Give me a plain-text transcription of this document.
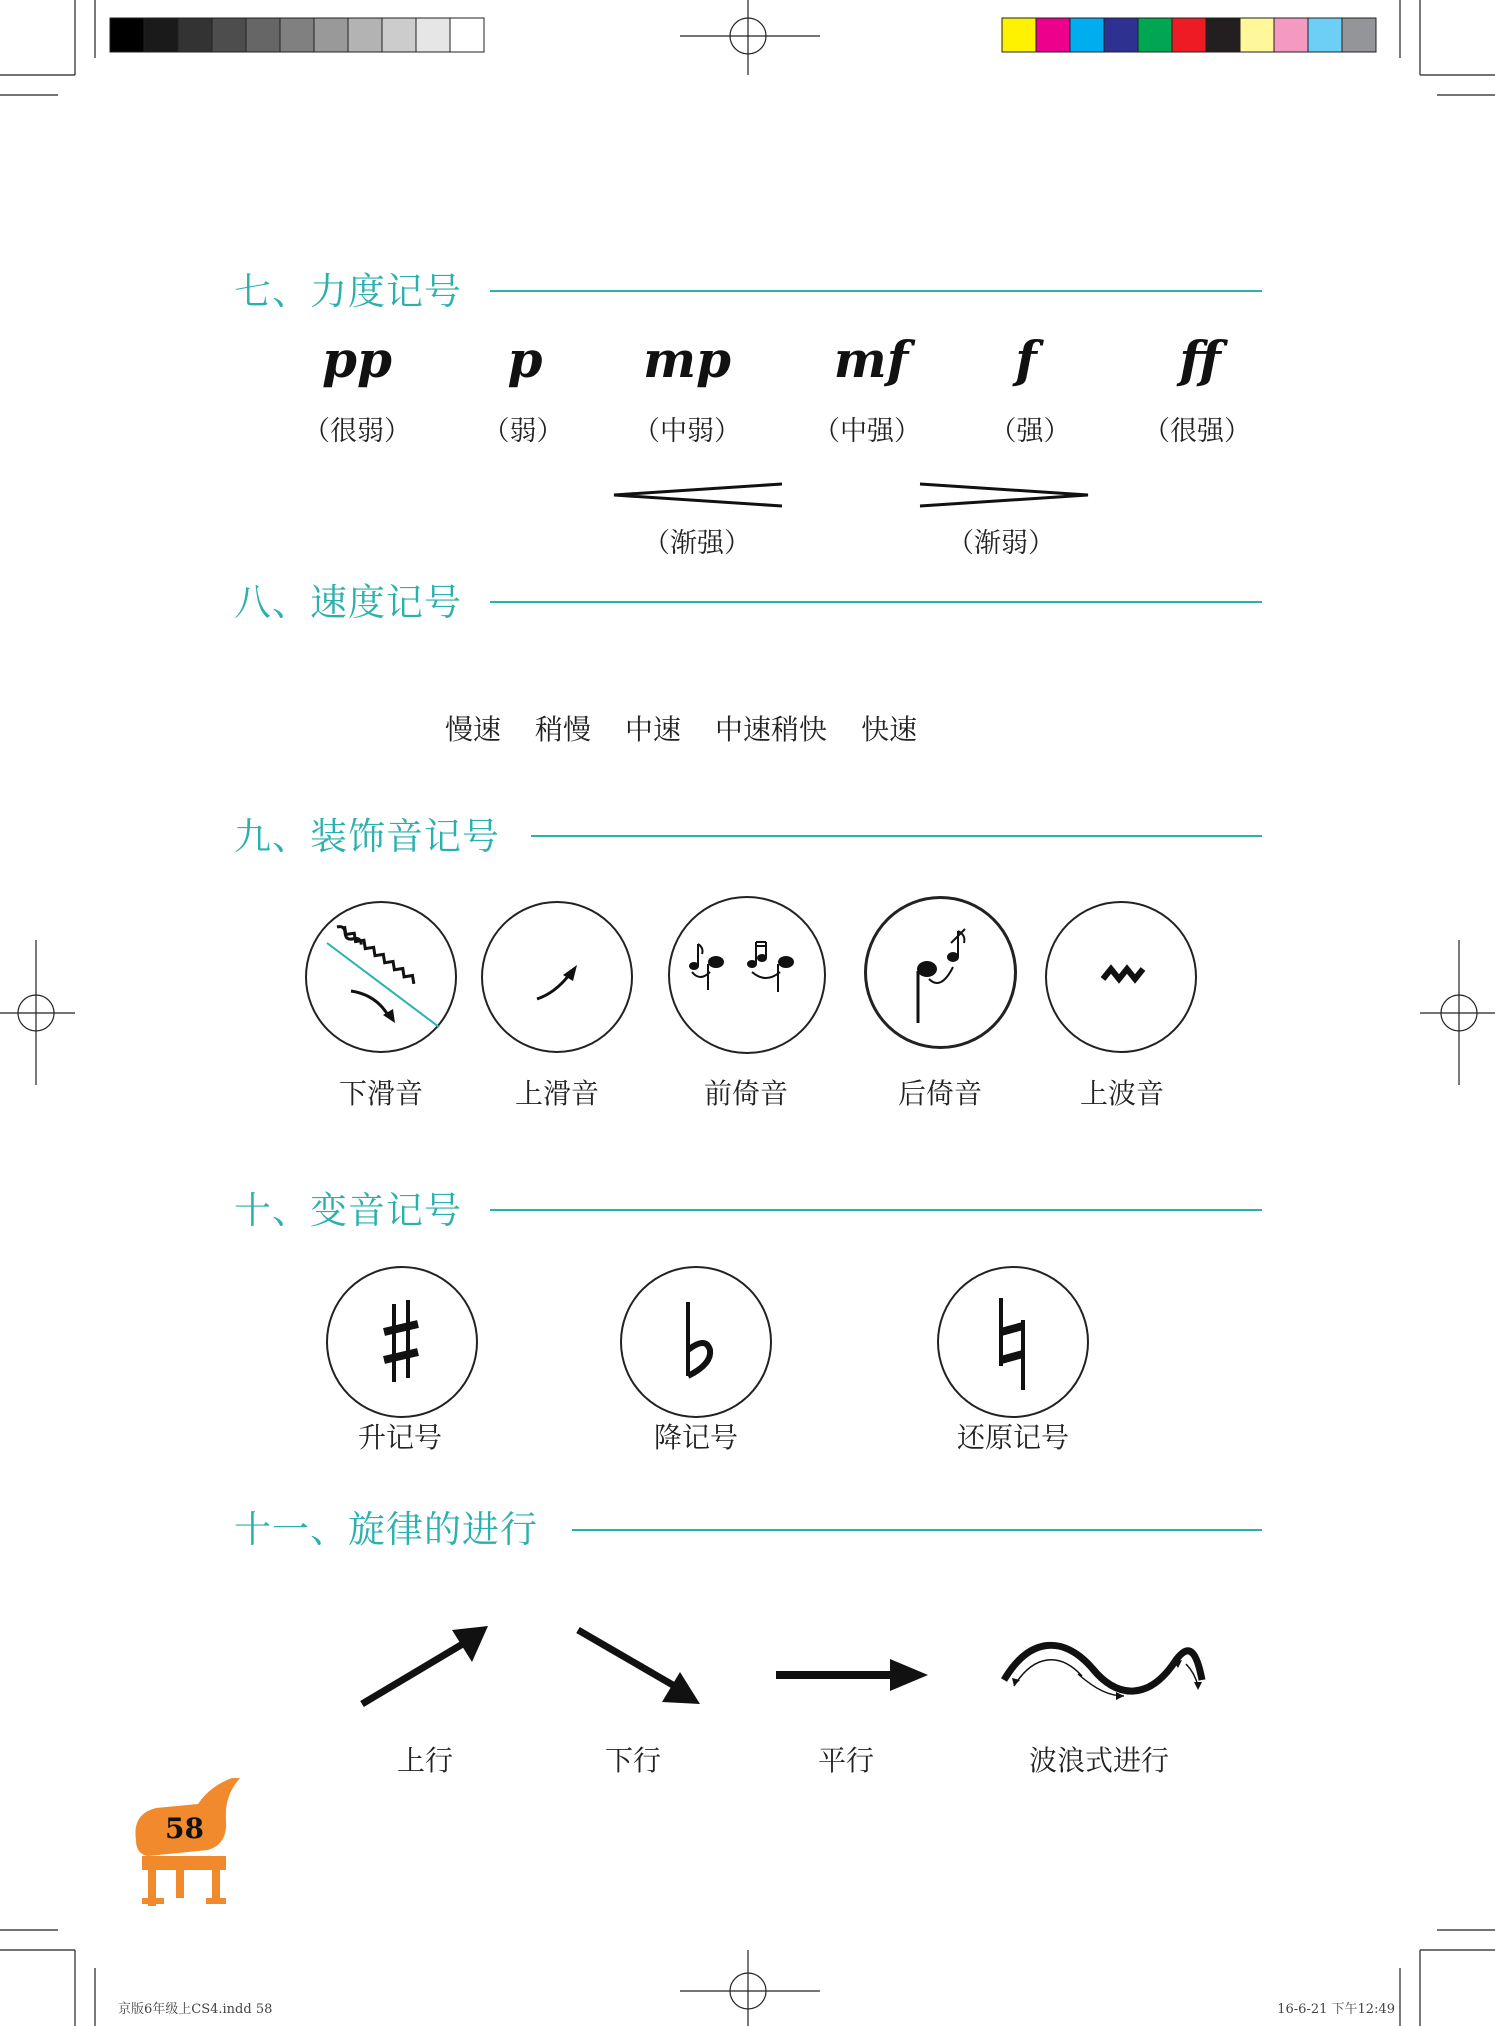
七、力度记号
pp p mp mf f	ff
（很弱）	（弱）	（中弱）	（中强）	（强）	（很强）
（渐强）	（渐弱）
八、速度记号
慢速 稍慢 中速 中速稍快 快速
九、装饰音记号
下滑音	上滑音	前倚音	后倚音	上波音
十、变音记号
升记号	降记号	还原记号
十一、旋律的进行
上行	下行	平行	波浪式进行
58
京版6年级上CS4.indd 58	16-6-21 下午12:49
